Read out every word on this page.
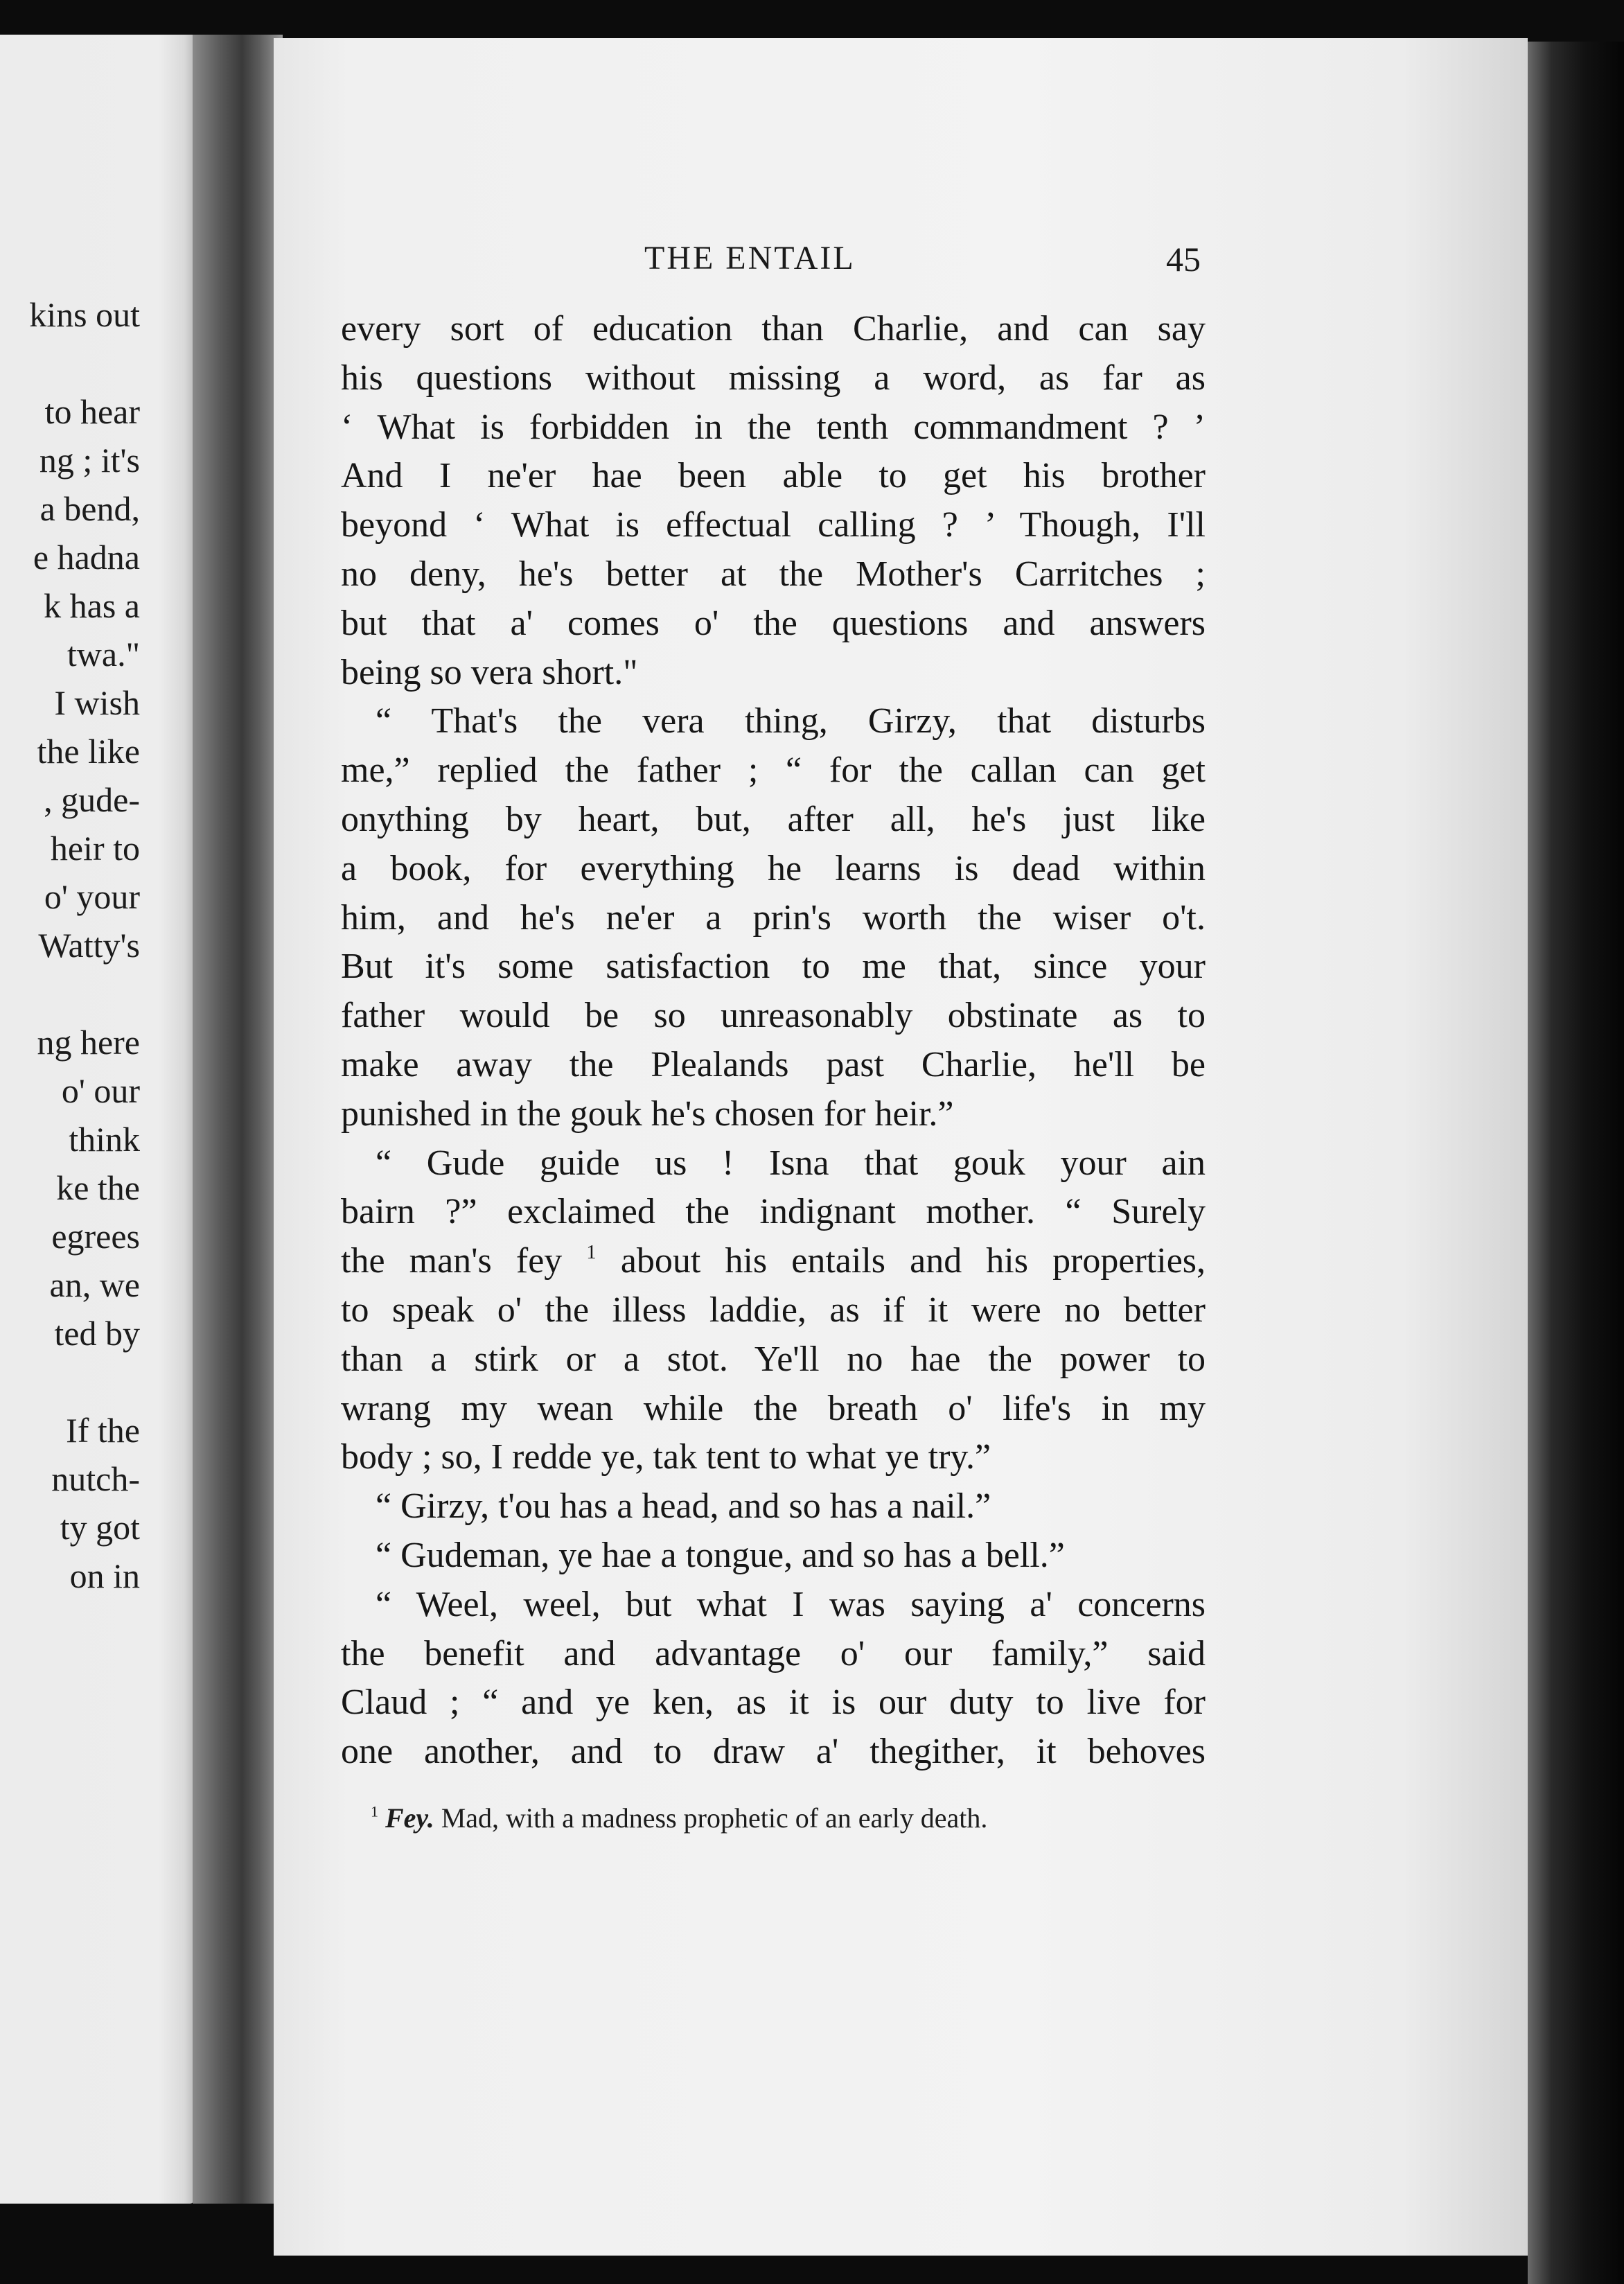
kins out
to hear
ng ; it's
a bend,
e hadna
k has a
twa."
I wish
the like
, gude-
heir to
o' your
Watty's
ng here
o' our
think
ke the
egrees
an, we
ted by
If the
nutch-
ty got
on in
THE ENTAIL	45
every sort of education than Charlie, and can say
his questions without missing a word, as far as
‘ What is forbidden in the tenth commandment ? ’
And I ne'er hae been able to get his brother
beyond ‘ What is effectual calling ? ’ Though, I'll
no deny, he's better at the Mother's Carritches ;
but that a' comes o' the questions and answers
being so vera short."
“ That's the vera thing, Girzy, that disturbs
me,” replied the father ; “ for the callan can get
onything by heart, but, after all, he's just like
a book, for everything he learns is dead within
him, and he's ne'er a prin's worth the wiser o't.
But it's some satisfaction to me that, since your
father would be so unreasonably obstinate as to
make away the Plealands past Charlie, he'll be
punished in the gouk he's chosen for heir.”
“ Gude guide us ! Isna that gouk your ain
bairn ?” exclaimed the indignant mother. “ Surely
the man's fey $^1$ about his entails and his properties,
to speak o' the illess laddie, as if it were no better
than a stirk or a stot. Ye'll no hae the power to
wrang my wean while the breath o' life's in my
body ; so, I redde ye, tak tent to what ye try.”
“ Girzy, t'ou has a head, and so has a nail.”
“ Gudeman, ye hae a tongue, and so has a bell.”
“ Weel, weel, but what I was saying a' concerns
the benefit and advantage o' our family,” said
Claud ; “ and ye ken, as it is our duty to live for
one another, and to draw a' thegither, it behoves
$^1$ Fey. Mad, with a madness prophetic of an early death.
